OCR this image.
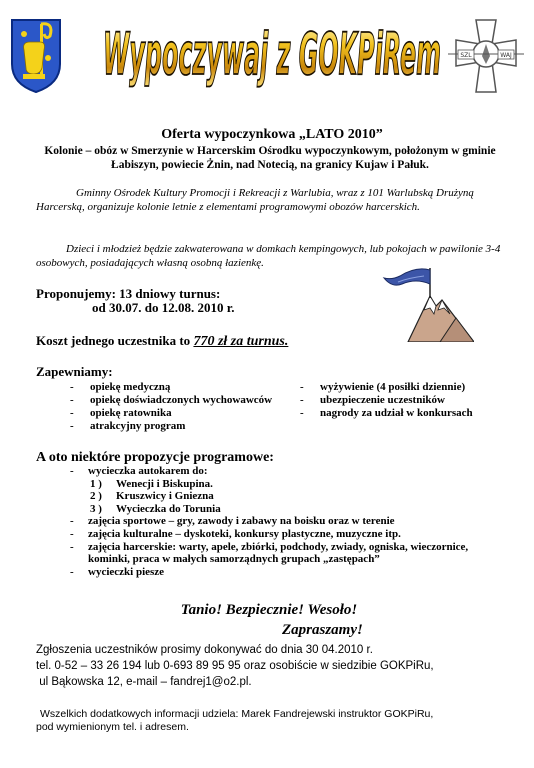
Wypoczywaj z GOKPiRem	SZL	WAJ
Oferta wypoczynkowa „LATO 2010”
Kolonie – obóz w Smerzynie w Harcerskim Ośrodku wypoczynkowym, położonym w gminie Łabiszyn, powiecie Żnin, nad Notecią, na granicy Kujaw i Pałuk.
Gminny Ośrodek Kultury Promocji i Rekreacji z Warlubia, wraz z 101 Warlubską Drużyną Harcerską, organizuje kolonie letnie z elementami programowymi obozów harcerskich.
Dzieci i młodzież będzie zakwaterowana w domkach kempingowych, lub pokojach w pawilonie 3-4 osobowych, posiadających własną osobną łazienkę.
Proponujemy: 13 dniowy turnus:
od 30.07. do 12.08. 2010 r.
Koszt jednego uczestnika to 770 zł za turnus.
Zapewniamy:
-	opiekę medyczną
-	opiekę doświadczonych wychowawców
-	opiekę ratownika
-	atrakcyjny program
-	wyżywienie (4 posiłki dziennie)
-	ubezpieczenie uczestników
-	nagrody za udział w konkursach
A oto niektóre propozycje programowe:
-	wycieczka autokarem do:
1 ) Wenecji i Biskupina.
2 ) Kruszwicy i Gniezna
3 ) Wycieczka do Torunia
-	zajęcia sportowe – gry, zawody i zabawy na boisku oraz w terenie
-	zajęcia kulturalne – dyskoteki, konkursy plastyczne, muzyczne itp.
-	zajęcia harcerskie: warty, apele, zbiórki, podchody, zwiady, ogniska, wieczornice, kominki, praca w małych samorządnych grupach „zastępach”
-	wycieczki piesze
Tanio! Bezpiecznie! Wesoło!
Zapraszamy!
Zgłoszenia uczestników prosimy dokonywać do dnia 30 04.2010 r.
tel. 0-52 – 33 26 194 lub 0-693 89 95 95 oraz osobiście w siedzibie GOKPiRu,
ul Bąkowska 12, e-mail – fandrej1@o2.pl.
Wszelkich dodatkowych informacji udziela: Marek Fandrejewski instruktor GOKPiRu,
pod wymienionym tel. i adresem.
